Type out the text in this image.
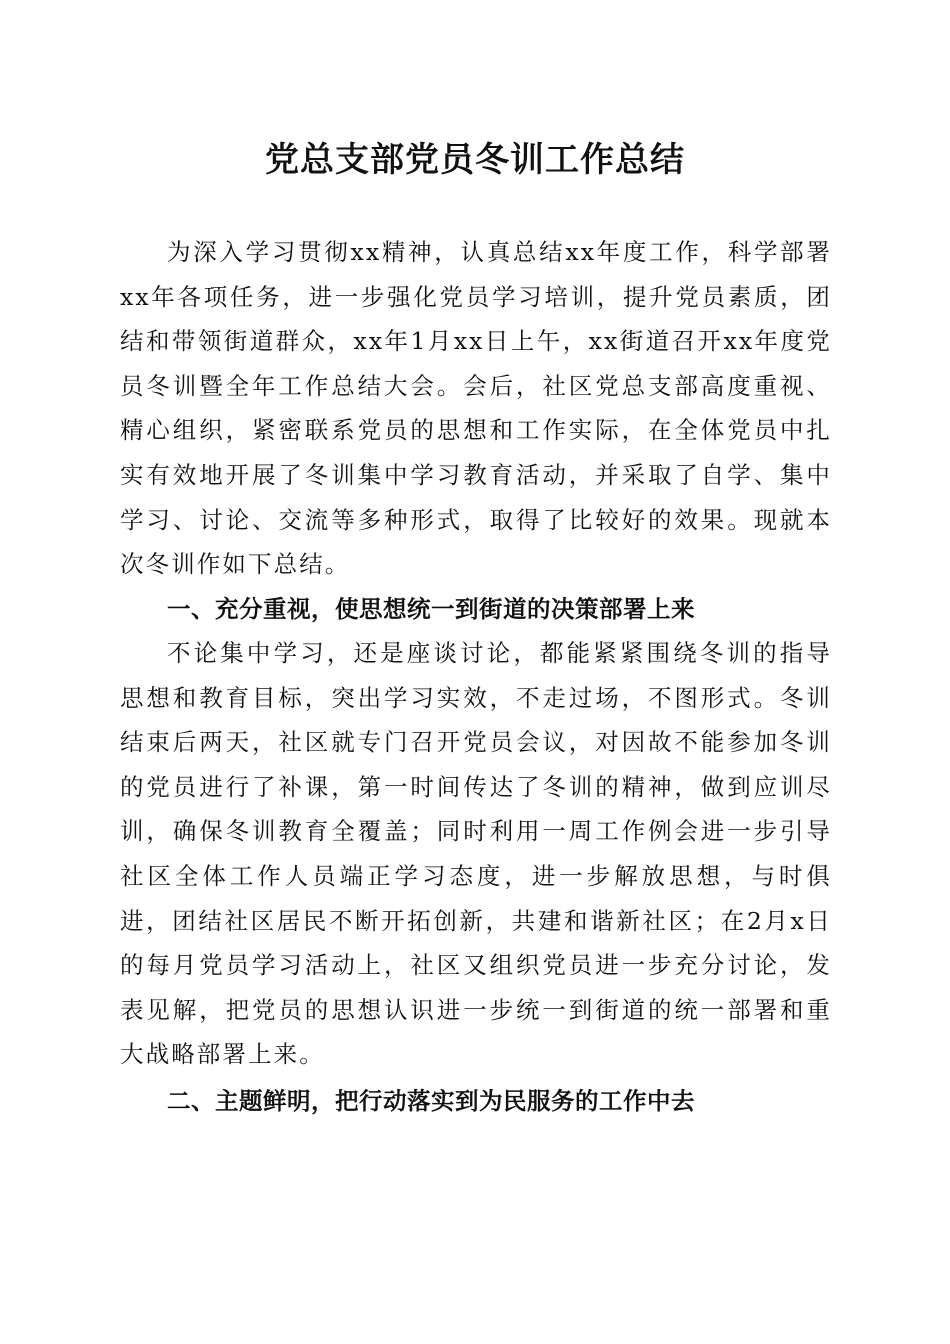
党总支部党员冬训工作总结

为深入学习贯彻xx精神，认真总结xx年度工作，科学部署xx年各项任务，进一步强化党员学习培训，提升党员素质，团结和带领街道群众，xx年1月xx日上午，xx街道召开xx年度党员冬训暨全年工作总结大会。会后，社区党总支部高度重视、精心组织，紧密联系党员的思想和工作实际，在全体党员中扎实有效地开展了冬训集中学习教育活动，并采取了自学、集中学习、讨论、交流等多种形式，取得了比较好的效果。现就本次冬训作如下总结。

一、充分重视，使思想统一到街道的决策部署上来

不论集中学习，还是座谈讨论，都能紧紧围绕冬训的指导思想和教育目标，突出学习实效，不走过场，不图形式。冬训结束后两天，社区就专门召开党员会议，对因故不能参加冬训的党员进行了补课，第一时间传达了冬训的精神，做到应训尽训，确保冬训教育全覆盖；同时利用一周工作例会进一步引导社区全体工作人员端正学习态度，进一步解放思想，与时俱进，团结社区居民不断开拓创新，共建和谐新社区；在2月x日的每月党员学习活动上，社区又组织党员进一步充分讨论，发表见解，把党员的思想认识进一步统一到街道的统一部署和重大战略部署上来。

二、主题鲜明，把行动落实到为民服务的工作中去
